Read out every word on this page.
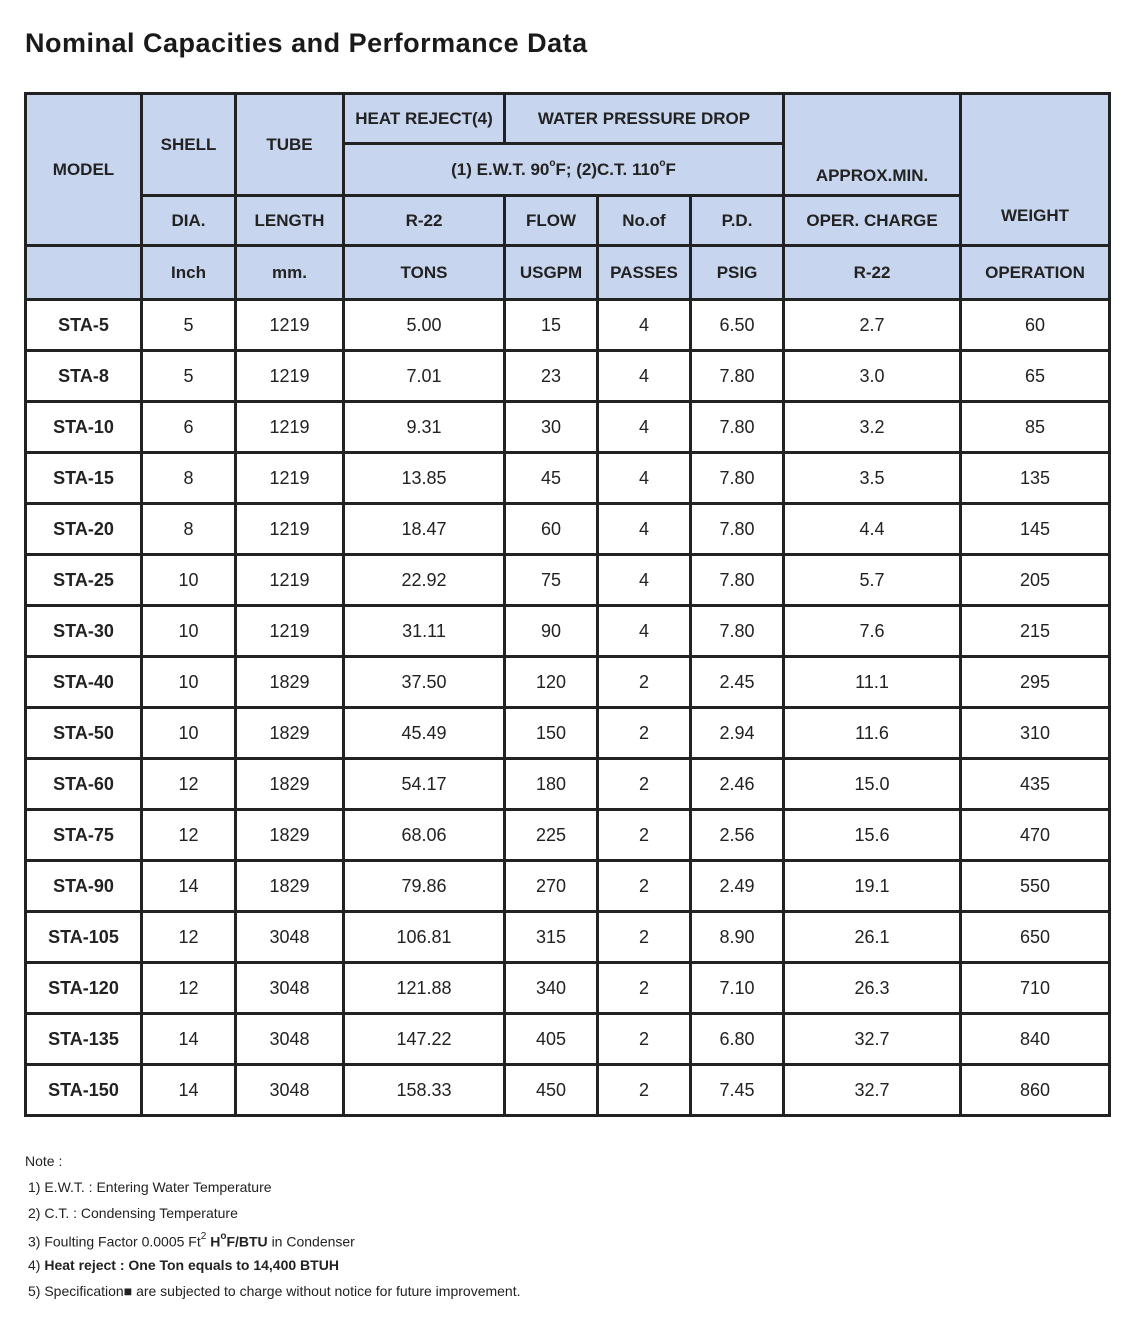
Nominal Capacities and Performance Data
MODEL	SHELL	TUBE	HEAT REJECT(4)	WATER PRESSURE DROP			APPROX.MIN.	WEIGHT
			(1) E.W.T. 90$^o$F; (2)C.T. 110$^o$F					
	DIA.	LENGTH	R-22	FLOW	No.of	P.D.	OPER. CHARGE	
	Inch	mm.	TONS	USGPM	PASSES	PSIG	R-22	OPERATION
STA-5	5	1219	5.00	15	4	6.50	2.7	60
STA-8	5	1219	7.01	23	4	7.80	3.0	65
STA-10	6	1219	9.31	30	4	7.80	3.2	85
STA-15	8	1219	13.85	45	4	7.80	3.5	135
STA-20	8	1219	18.47	60	4	7.80	4.4	145
STA-25	10	1219	22.92	75	4	7.80	5.7	205
STA-30	10	1219	31.11	90	4	7.80	7.6	215
STA-40	10	1829	37.50	120	2	2.45	11.1	295
STA-50	10	1829	45.49	150	2	2.94	11.6	310
STA-60	12	1829	54.17	180	2	2.46	15.0	435
STA-75	12	1829	68.06	225	2	2.56	15.6	470
STA-90	14	1829	79.86	270	2	2.49	19.1	550
STA-105	12	3048	106.81	315	2	8.90	26.1	650
STA-120	12	3048	121.88	340	2	7.10	26.3	710
STA-135	14	3048	147.22	405	2	6.80	32.7	840
STA-150	14	3048	158.33	450	2	7.45	32.7	860
Note :
1) E.W.T. : Entering Water Temperature
2) C.T. : Condensing Temperature
3) Foulting Factor 0.0005 Ft$^2$ $H^oF$/BTU in Condenser
4) Heat reject : One Ton equals to 14,400 BTUH
5) Specification■ are subjected to charge without notice for future improvement.
